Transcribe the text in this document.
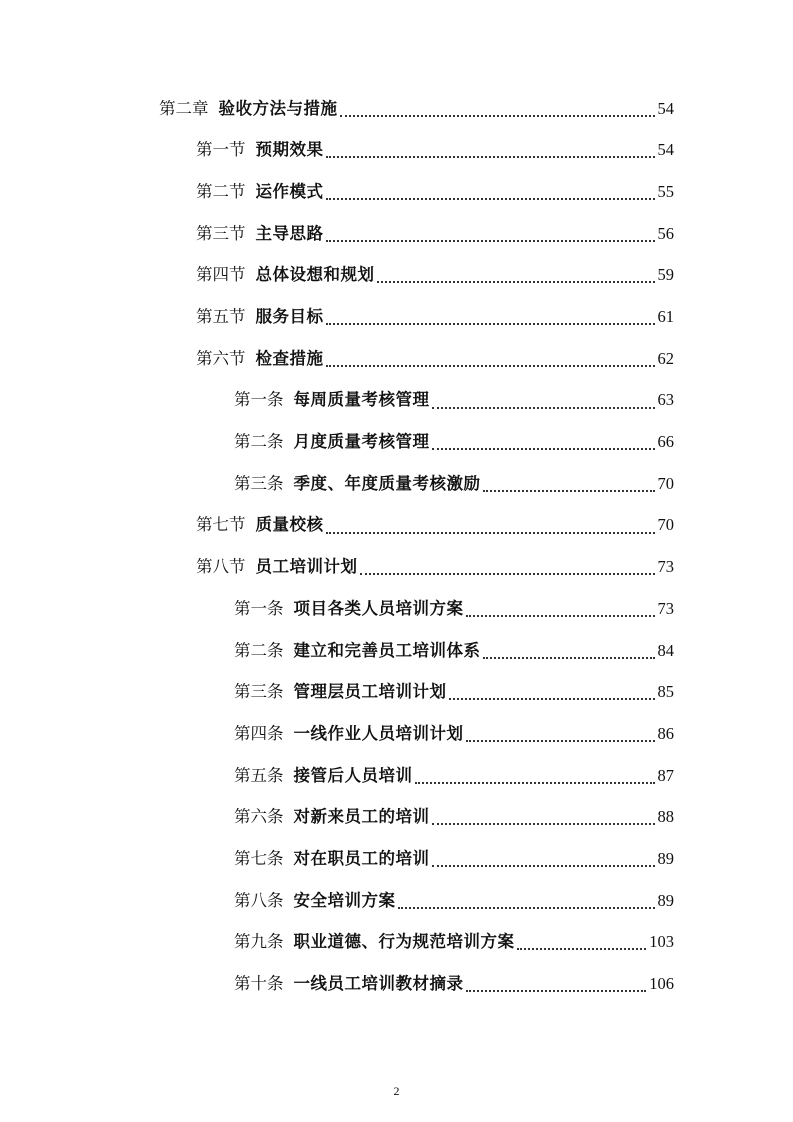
第二章 验收方法与措施	54
第一节 预期效果	54
第二节 运作模式	55
第三节 主导思路	56
第四节 总体设想和规划	59
第五节 服务目标	61
第六节 检查措施	62
第一条 每周质量考核管理	63
第二条 月度质量考核管理	66
第三条 季度、年度质量考核激励	70
第七节 质量校核	70
第八节 员工培训计划	73
第一条 项目各类人员培训方案	73
第二条 建立和完善员工培训体系	84
第三条 管理层员工培训计划	85
第四条 一线作业人员培训计划	86
第五条 接管后人员培训	87
第六条 对新来员工的培训	88
第七条 对在职员工的培训	89
第八条 安全培训方案	89
第九条 职业道德、行为规范培训方案	103
第十条 一线员工培训教材摘录	106
2
